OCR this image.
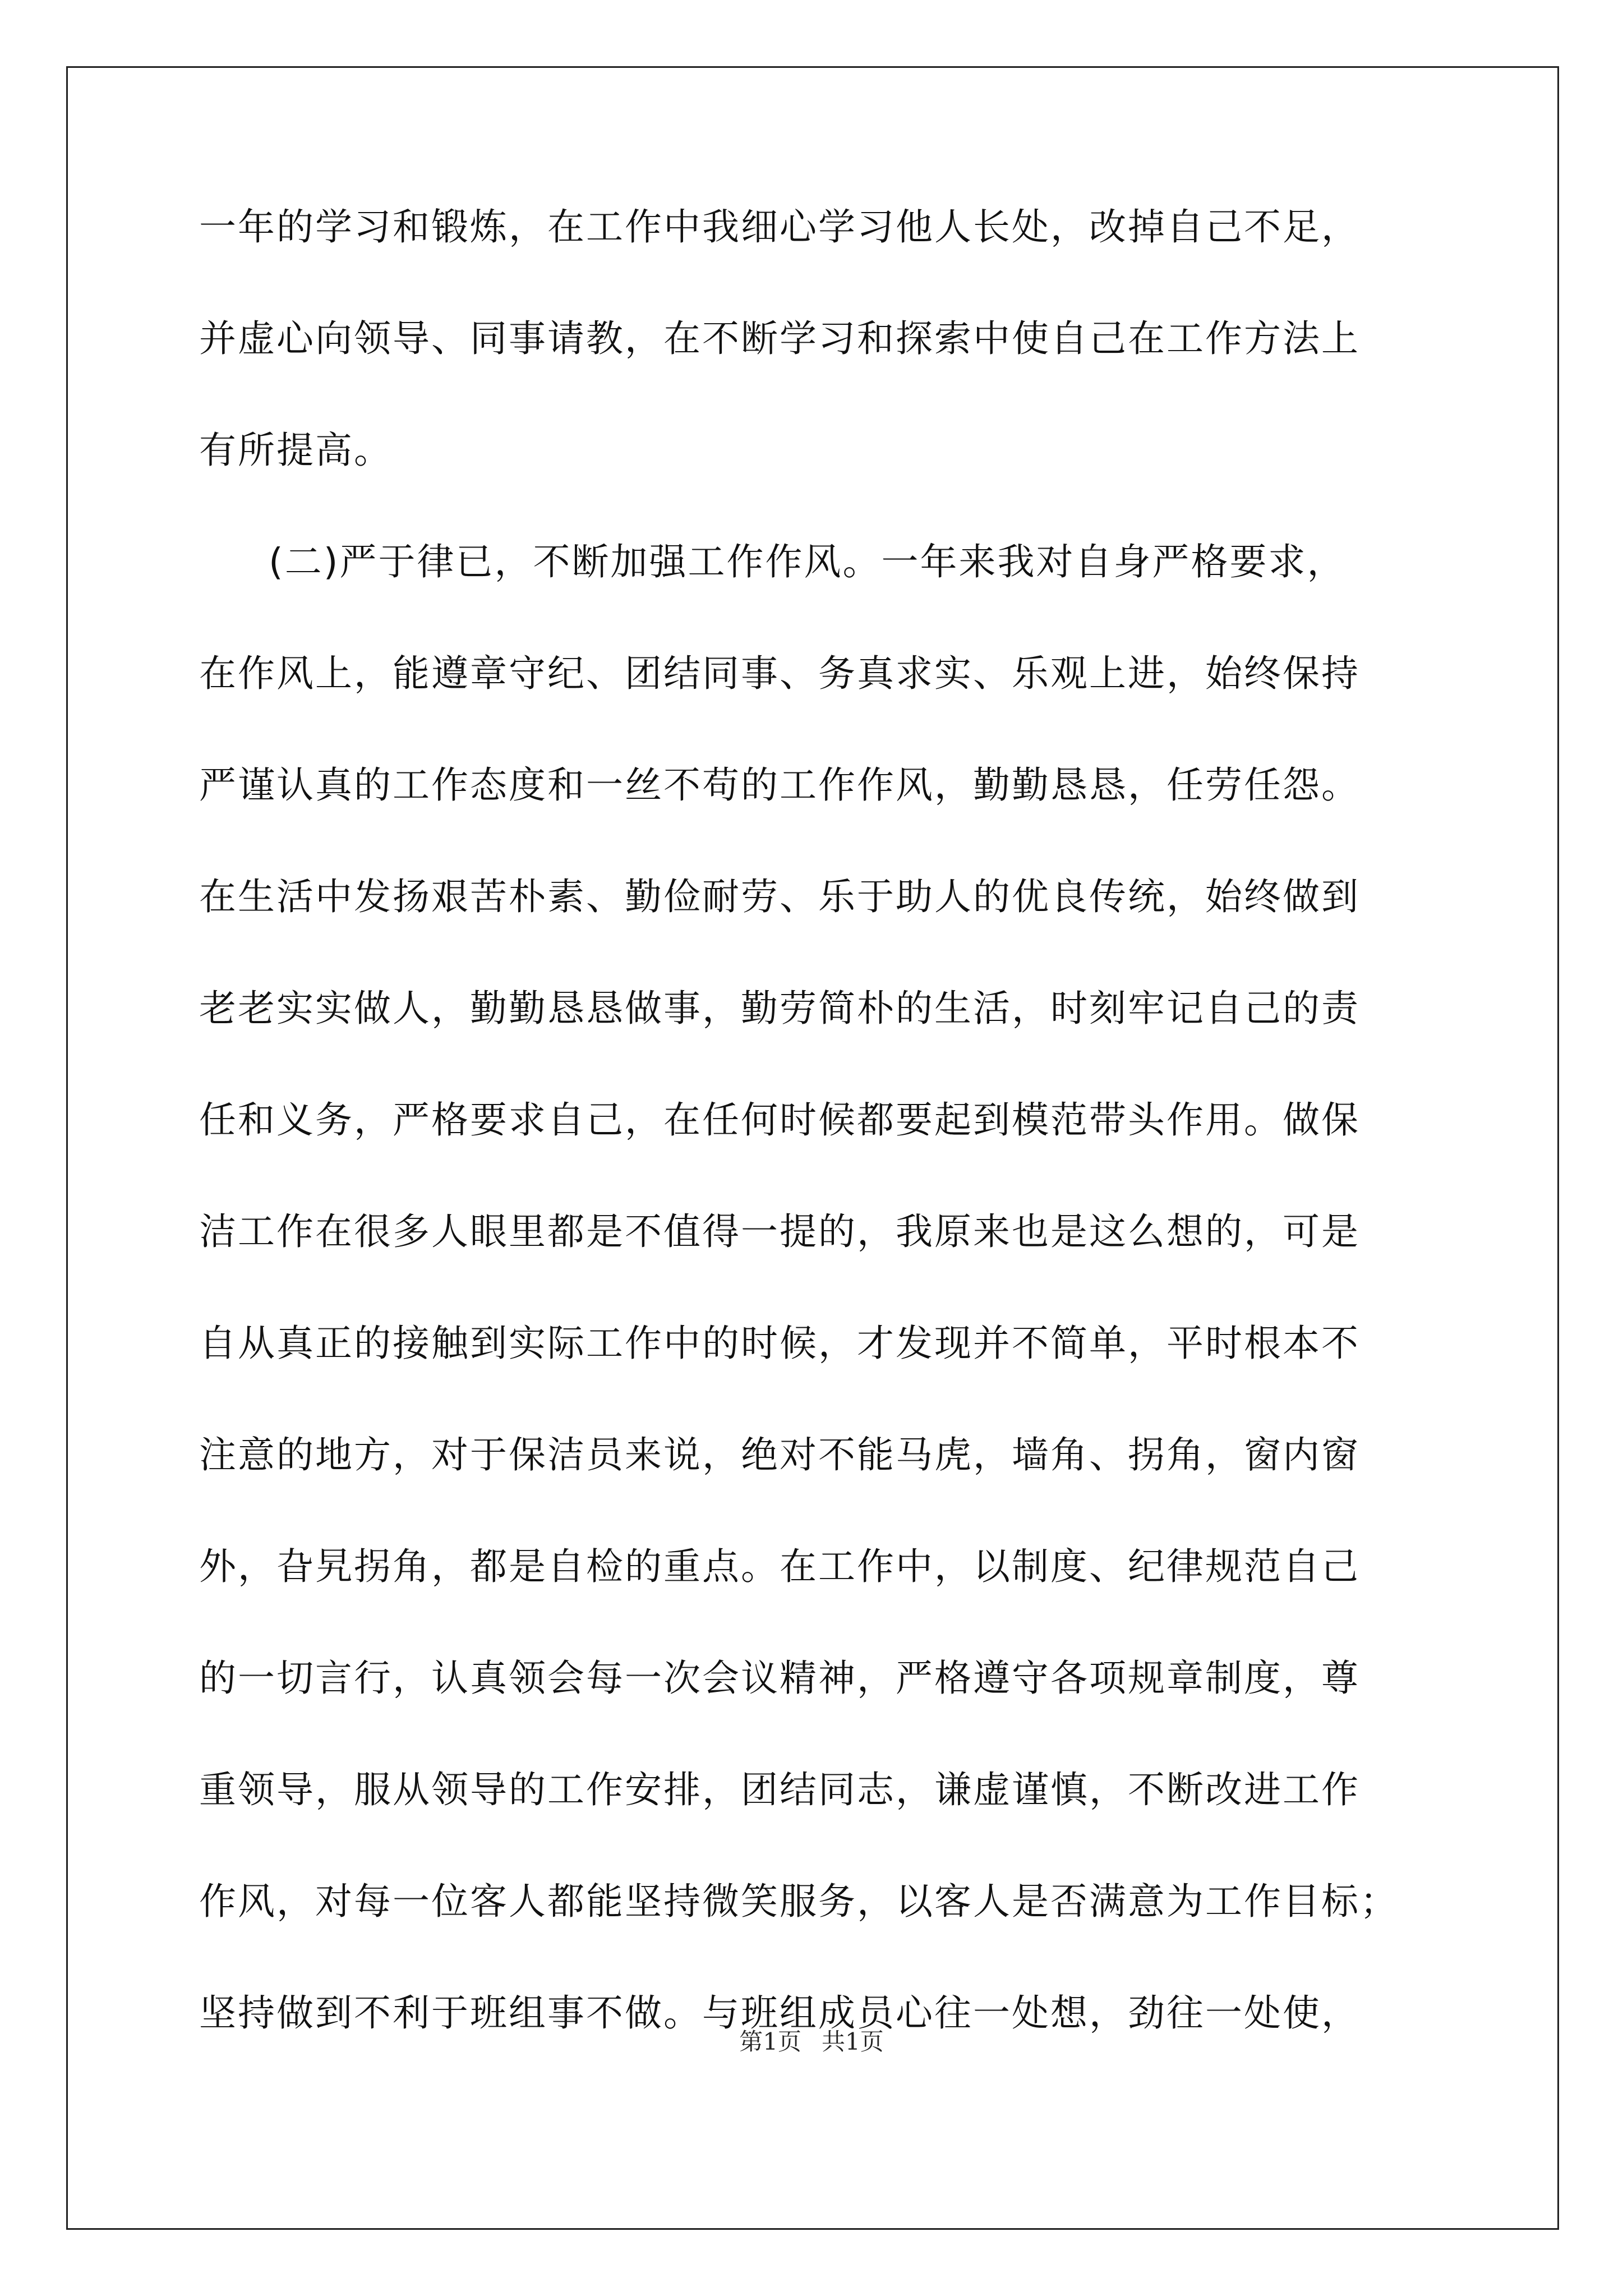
一年的学习和锻炼，在工作中我细心学习他人长处，改掉自己不足，
并虚心向领导、同事请教，在不断学习和探索中使自己在工作方法上
有所提高。
(二)严于律已，不断加强工作作风。一年来我对自身严格要求，
在作风上，能遵章守纪、团结同事、务真求实、乐观上进，始终保持
严谨认真的工作态度和一丝不苟的工作作风，勤勤恳恳，任劳任怨。
在生活中发扬艰苦朴素、勤俭耐劳、乐于助人的优良传统，始终做到
老老实实做人，勤勤恳恳做事，勤劳简朴的生活，时刻牢记自己的责
任和义务，严格要求自己，在任何时候都要起到模范带头作用。做保
洁工作在很多人眼里都是不值得一提的，我原来也是这么想的，可是
自从真正的接触到实际工作中的时候，才发现并不简单，平时根本不
注意的地方，对于保洁员来说，绝对不能马虎，墙角、拐角，窗内窗
外，旮旯拐角，都是自检的重点。在工作中，以制度、纪律规范自己
的一切言行，认真领会每一次会议精神，严格遵守各项规章制度，尊
重领导，服从领导的工作安排，团结同志，谦虚谨慎，不断改进工作
作风，对每一位客人都能坚持微笑服务，以客人是否满意为工作目标；
坚持做到不利于班组事不做。与班组成员心往一处想，劲往一处使，
第1页 共1页
